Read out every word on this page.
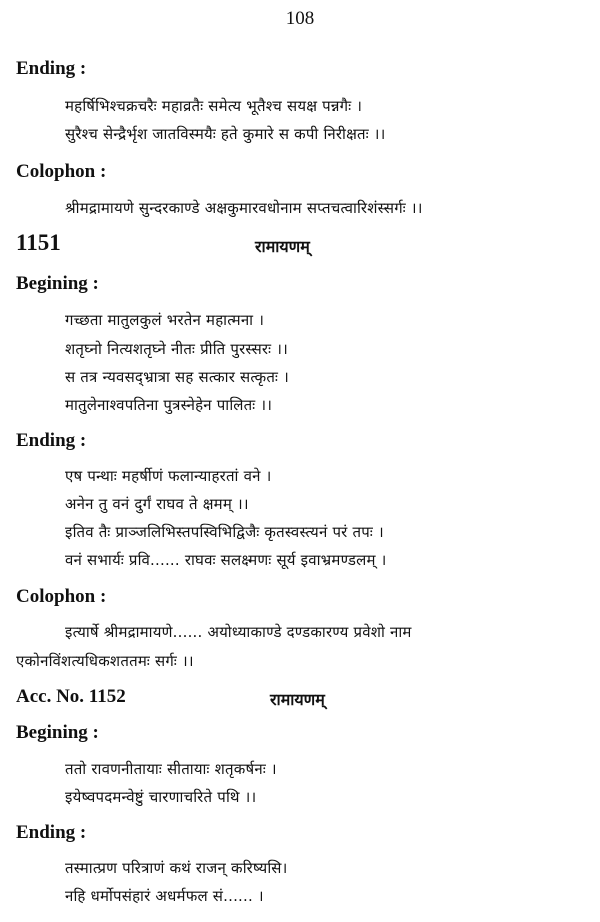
108
Ending :
महर्षिभिश्चक्रचरैः महाव्रतैः समेत्य भूतैश्च सयक्ष पन्नगैः ।
सुरैश्च सेन्द्रैर्भृश जातविस्मयैः हते कुमारे स कपी निरीक्षतः ।।
Colophon :
श्रीमद्रामायणे सुन्दरकाण्डे अक्षकुमारवधोनाम सप्तचत्वारिशंस्सर्गः ।।
1151	रामायणम्
Begining :
गच्छता मातुलकुलं भरतेन महात्मना ।
शतृघ्नो नित्यशतृघ्ने नीतः प्रीति पुरस्सरः ।।
स तत्र न्यवसद्भ्रात्रा सह सत्कार सत्कृतः ।
मातुलेनाश्वपतिना पुत्रस्नेहेन पालितः ।।
Ending :
एष पन्थाः महर्षीणं फलान्याहरतां वने ।
अनेन तु वनं दुर्गं राघव ते क्षमम् ।।
इतिव तैः प्राञ्जलिभिस्तपस्विभिद्विजैः कृतस्वस्त्यनं परं तपः ।
वनं सभार्यः प्रवि...... राघवः सलक्ष्मणः सूर्य इवाभ्रमण्डलम् ।
Colophon :
इत्यार्षे श्रीमद्रामायणे...... अयोध्याकाण्डे दण्डकारण्य प्रवेशो नाम
एकोनविंशत्यधिकशततमः सर्गः ।।
Acc. No. 1152	रामायणम्
Begining :
ततो रावणनीतायाः सीतायाः शतृकर्षनः ।
इयेष्वपदमन्वेष्टुं चारणाचरिते पथि ।।
Ending :
तस्मात्प्रण परित्राणं कथं राजन् करिष्यसि।
नहि धर्मोपसंहारं अधर्मफल सं...... ।
